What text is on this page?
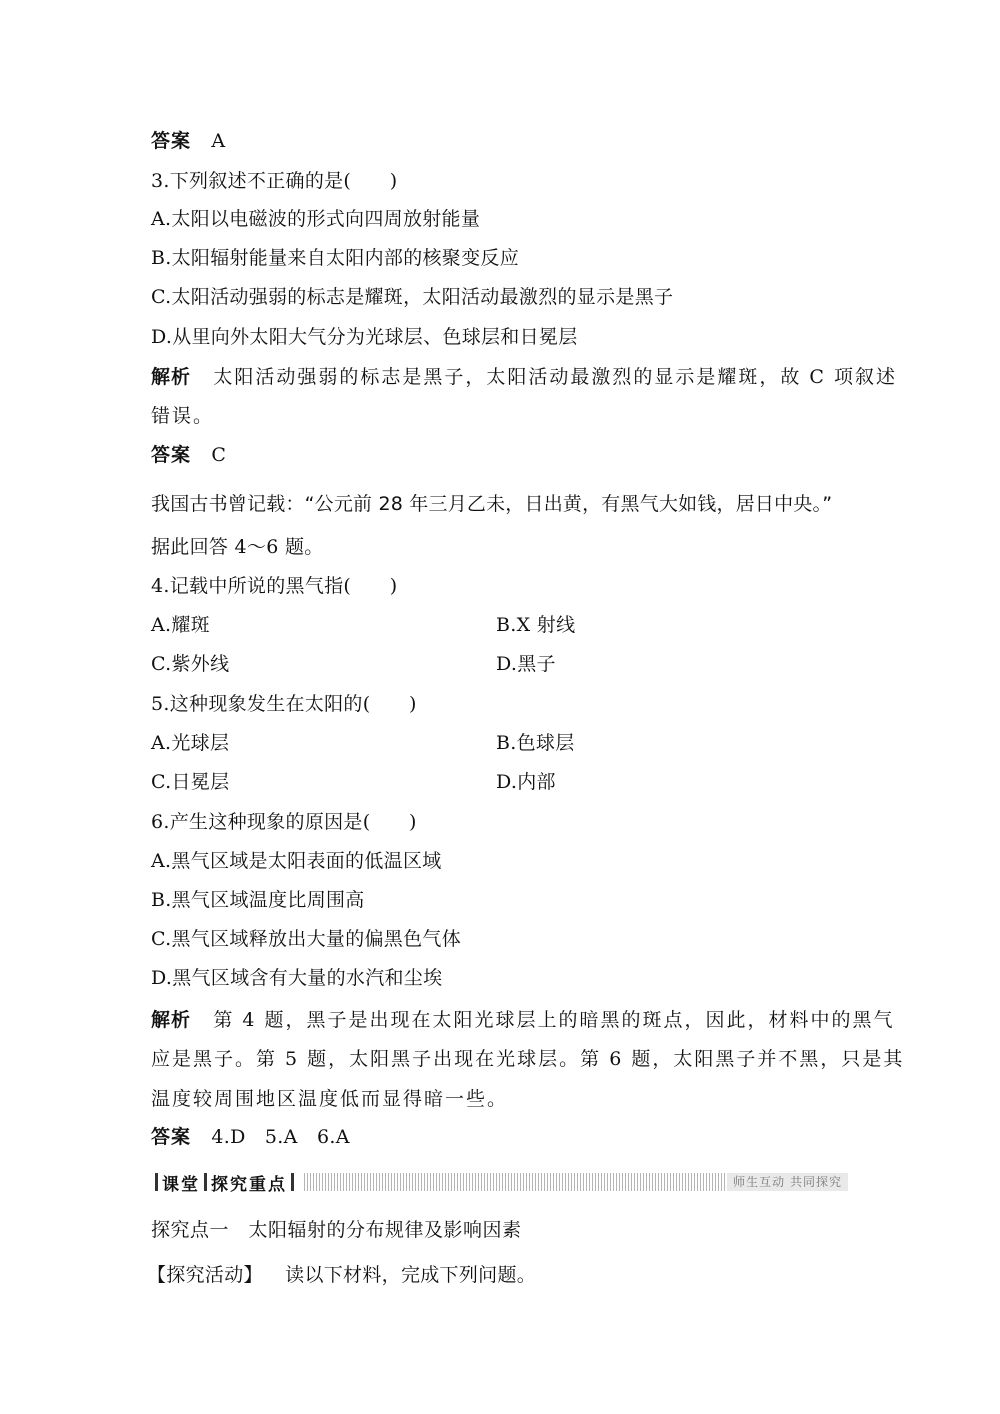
答案 A
3.下列叙述不正确的是(　　)
A.太阳以电磁波的形式向四周放射能量
B.太阳辐射能量来自太阳内部的核聚变反应
C.太阳活动强弱的标志是耀斑，太阳活动最激烈的显示是黑子
D.从里向外太阳大气分为光球层、色球层和日冕层
解析 太阳活动强弱的标志是黑子，太阳活动最激烈的显示是耀斑，故 C 项叙述
错误。
答案 C
我国古书曾记载：“公元前 28 年三月乙未，日出黄，有黑气大如钱，居日中央。”
据此回答 4～6 题。
4.记载中所说的黑气指(　　)
A.耀斑	B.X 射线
C.紫外线	D.黑子
5.这种现象发生在太阳的(　　)
A.光球层	B.色球层
C.日冕层	D.内部
6.产生这种现象的原因是(　　)
A.黑气区域是太阳表面的低温区域
B.黑气区域温度比周围高
C.黑气区域释放出大量的偏黑色气体
D.黑气区域含有大量的水汽和尘埃
解析 第 4 题，黑子是出现在太阳光球层上的暗黑的斑点，因此，材料中的黑气
应是黑子。第 5 题，太阳黑子出现在光球层。第 6 题，太阳黑子并不黑，只是其
温度较周围地区温度低而显得暗一些。
答案 4.D　5.A　6.A
课堂 探究重点	师生互动 共同探究
探究点一　太阳辐射的分布规律及影响因素
【探究活动】 读以下材料，完成下列问题。
